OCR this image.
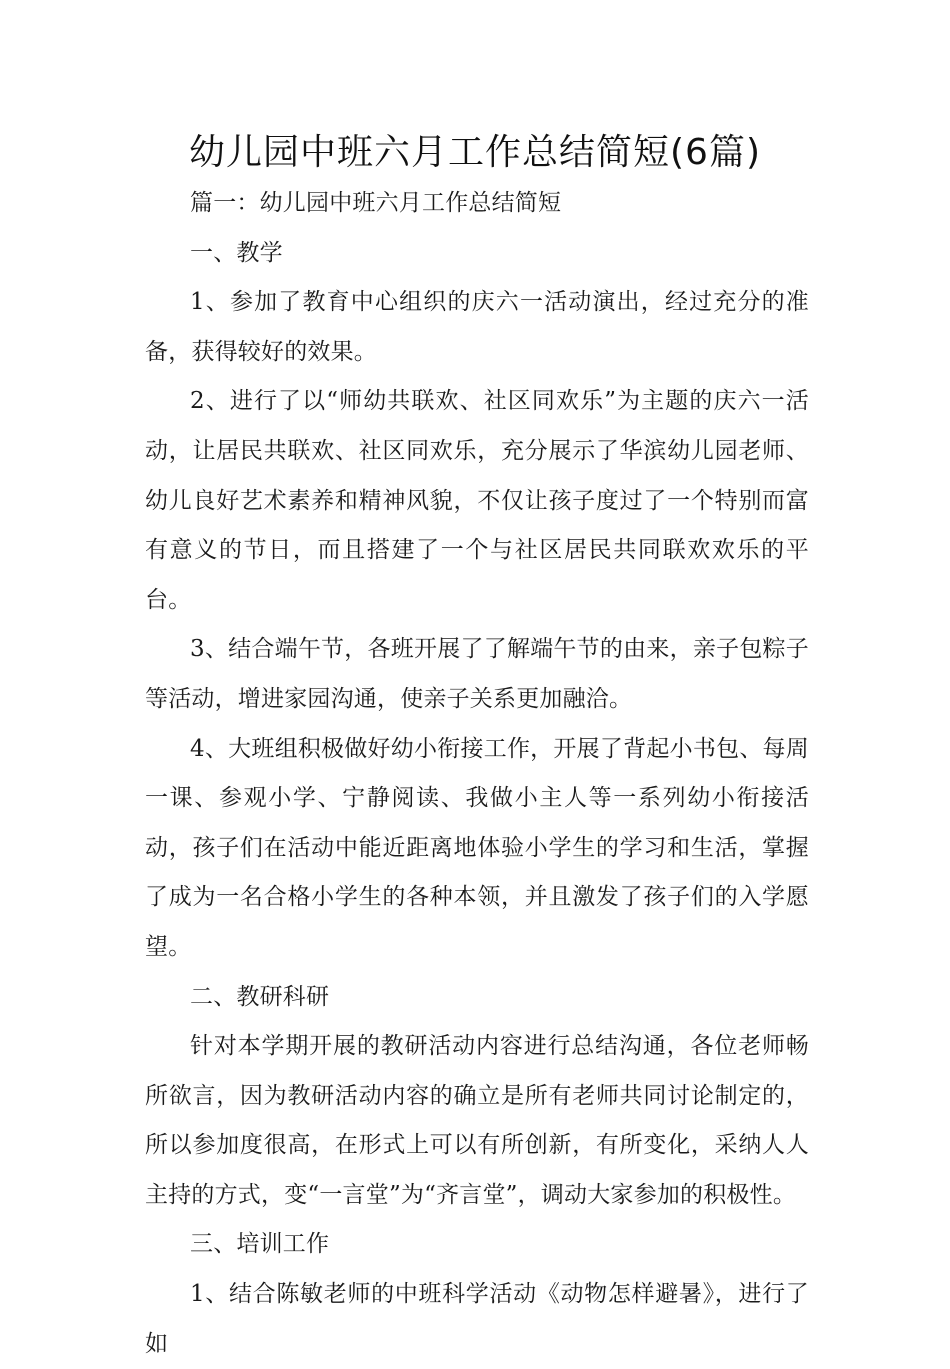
幼儿园中班六月工作总结简短(6篇)

篇一：幼儿园中班六月工作总结简短

一、教学

1、参加了教育中心组织的庆六一活动演出，经过充分的准备，获得较好的效果。

2、进行了以“师幼共联欢、社区同欢乐”为主题的庆六一活动，让居民共联欢、社区同欢乐，充分展示了华滨幼儿园老师、幼儿良好艺术素养和精神风貌，不仅让孩子度过了一个特别而富有意义的节日，而且搭建了一个与社区居民共同联欢欢乐的平台。

3、结合端午节，各班开展了了解端午节的由来，亲子包粽子等活动，增进家园沟通，使亲子关系更加融洽。

4、大班组积极做好幼小衔接工作，开展了背起小书包、每周一课、参观小学、宁静阅读、我做小主人等一系列幼小衔接活动，孩子们在活动中能近距离地体验小学生的学习和生活，掌握了成为一名合格小学生的各种本领，并且激发了孩子们的入学愿望。

二、教研科研

针对本学期开展的教研活动内容进行总结沟通，各位老师畅所欲言，因为教研活动内容的确立是所有老师共同讨论制定的，所以参加度很高，在形式上可以有所创新，有所变化，采纳人人主持的方式，变“一言堂”为“齐言堂”，调动大家参加的积极性。

三、培训工作

1、结合陈敏老师的中班科学活动《动物怎样避暑》，进行了如
